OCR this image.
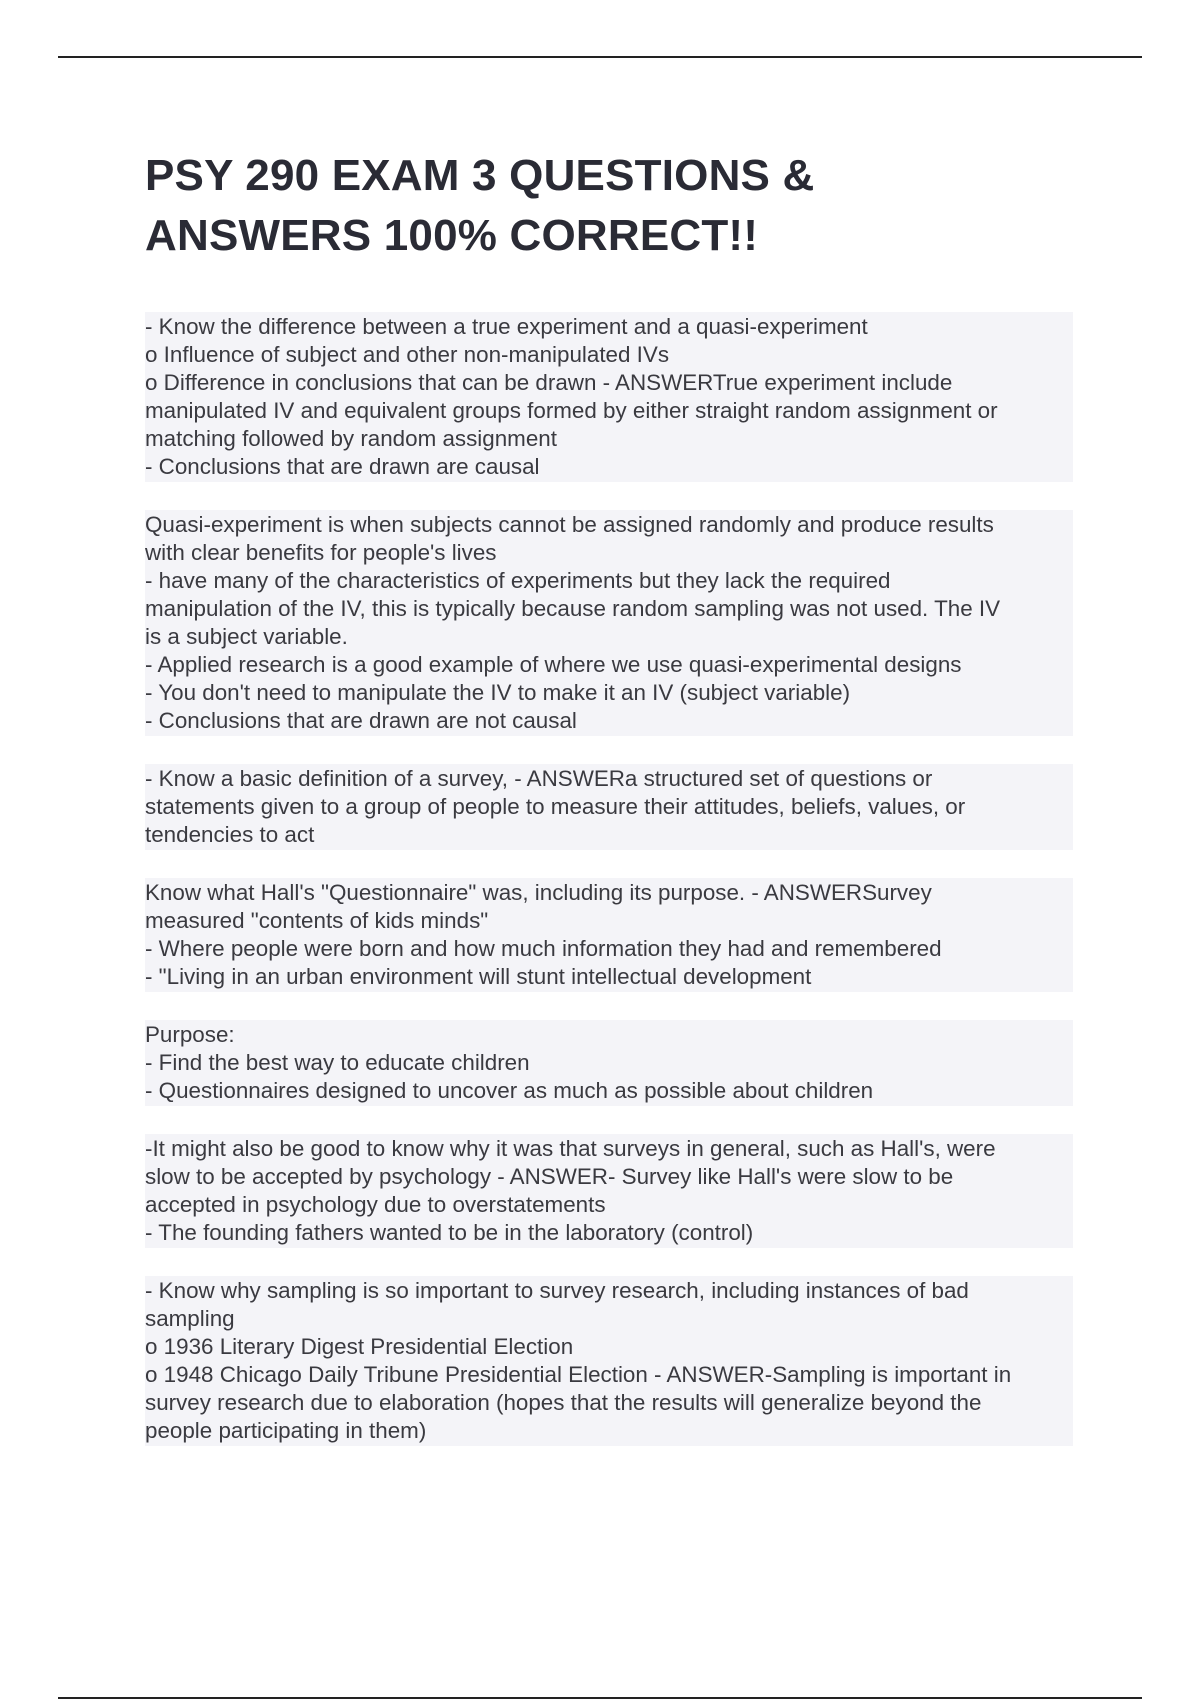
PSY 290 EXAM 3 QUESTIONS &
ANSWERS 100% CORRECT!!
- Know the difference between a true experiment and a quasi-experiment
o Influence of subject and other non-manipulated IVs
o Difference in conclusions that can be drawn - ANSWERTrue experiment include
manipulated IV and equivalent groups formed by either straight random assignment or
matching followed by random assignment
- Conclusions that are drawn are causal
Quasi-experiment is when subjects cannot be assigned randomly and produce results
with clear benefits for people's lives
- have many of the characteristics of experiments but they lack the required
manipulation of the IV, this is typically because random sampling was not used. The IV
is a subject variable.
- Applied research is a good example of where we use quasi-experimental designs
- You don't need to manipulate the IV to make it an IV (subject variable)
- Conclusions that are drawn are not causal
- Know a basic definition of a survey, - ANSWERa structured set of questions or
statements given to a group of people to measure their attitudes, beliefs, values, or
tendencies to act
Know what Hall's "Questionnaire" was, including its purpose. - ANSWERSurvey
measured "contents of kids minds"
- Where people were born and how much information they had and remembered
- "Living in an urban environment will stunt intellectual development
Purpose:
- Find the best way to educate children
- Questionnaires designed to uncover as much as possible about children
-It might also be good to know why it was that surveys in general, such as Hall's, were
slow to be accepted by psychology - ANSWER- Survey like Hall's were slow to be
accepted in psychology due to overstatements
- The founding fathers wanted to be in the laboratory (control)
- Know why sampling is so important to survey research, including instances of bad
sampling
o 1936 Literary Digest Presidential Election
o 1948 Chicago Daily Tribune Presidential Election - ANSWER-Sampling is important in
survey research due to elaboration (hopes that the results will generalize beyond the
people participating in them)
